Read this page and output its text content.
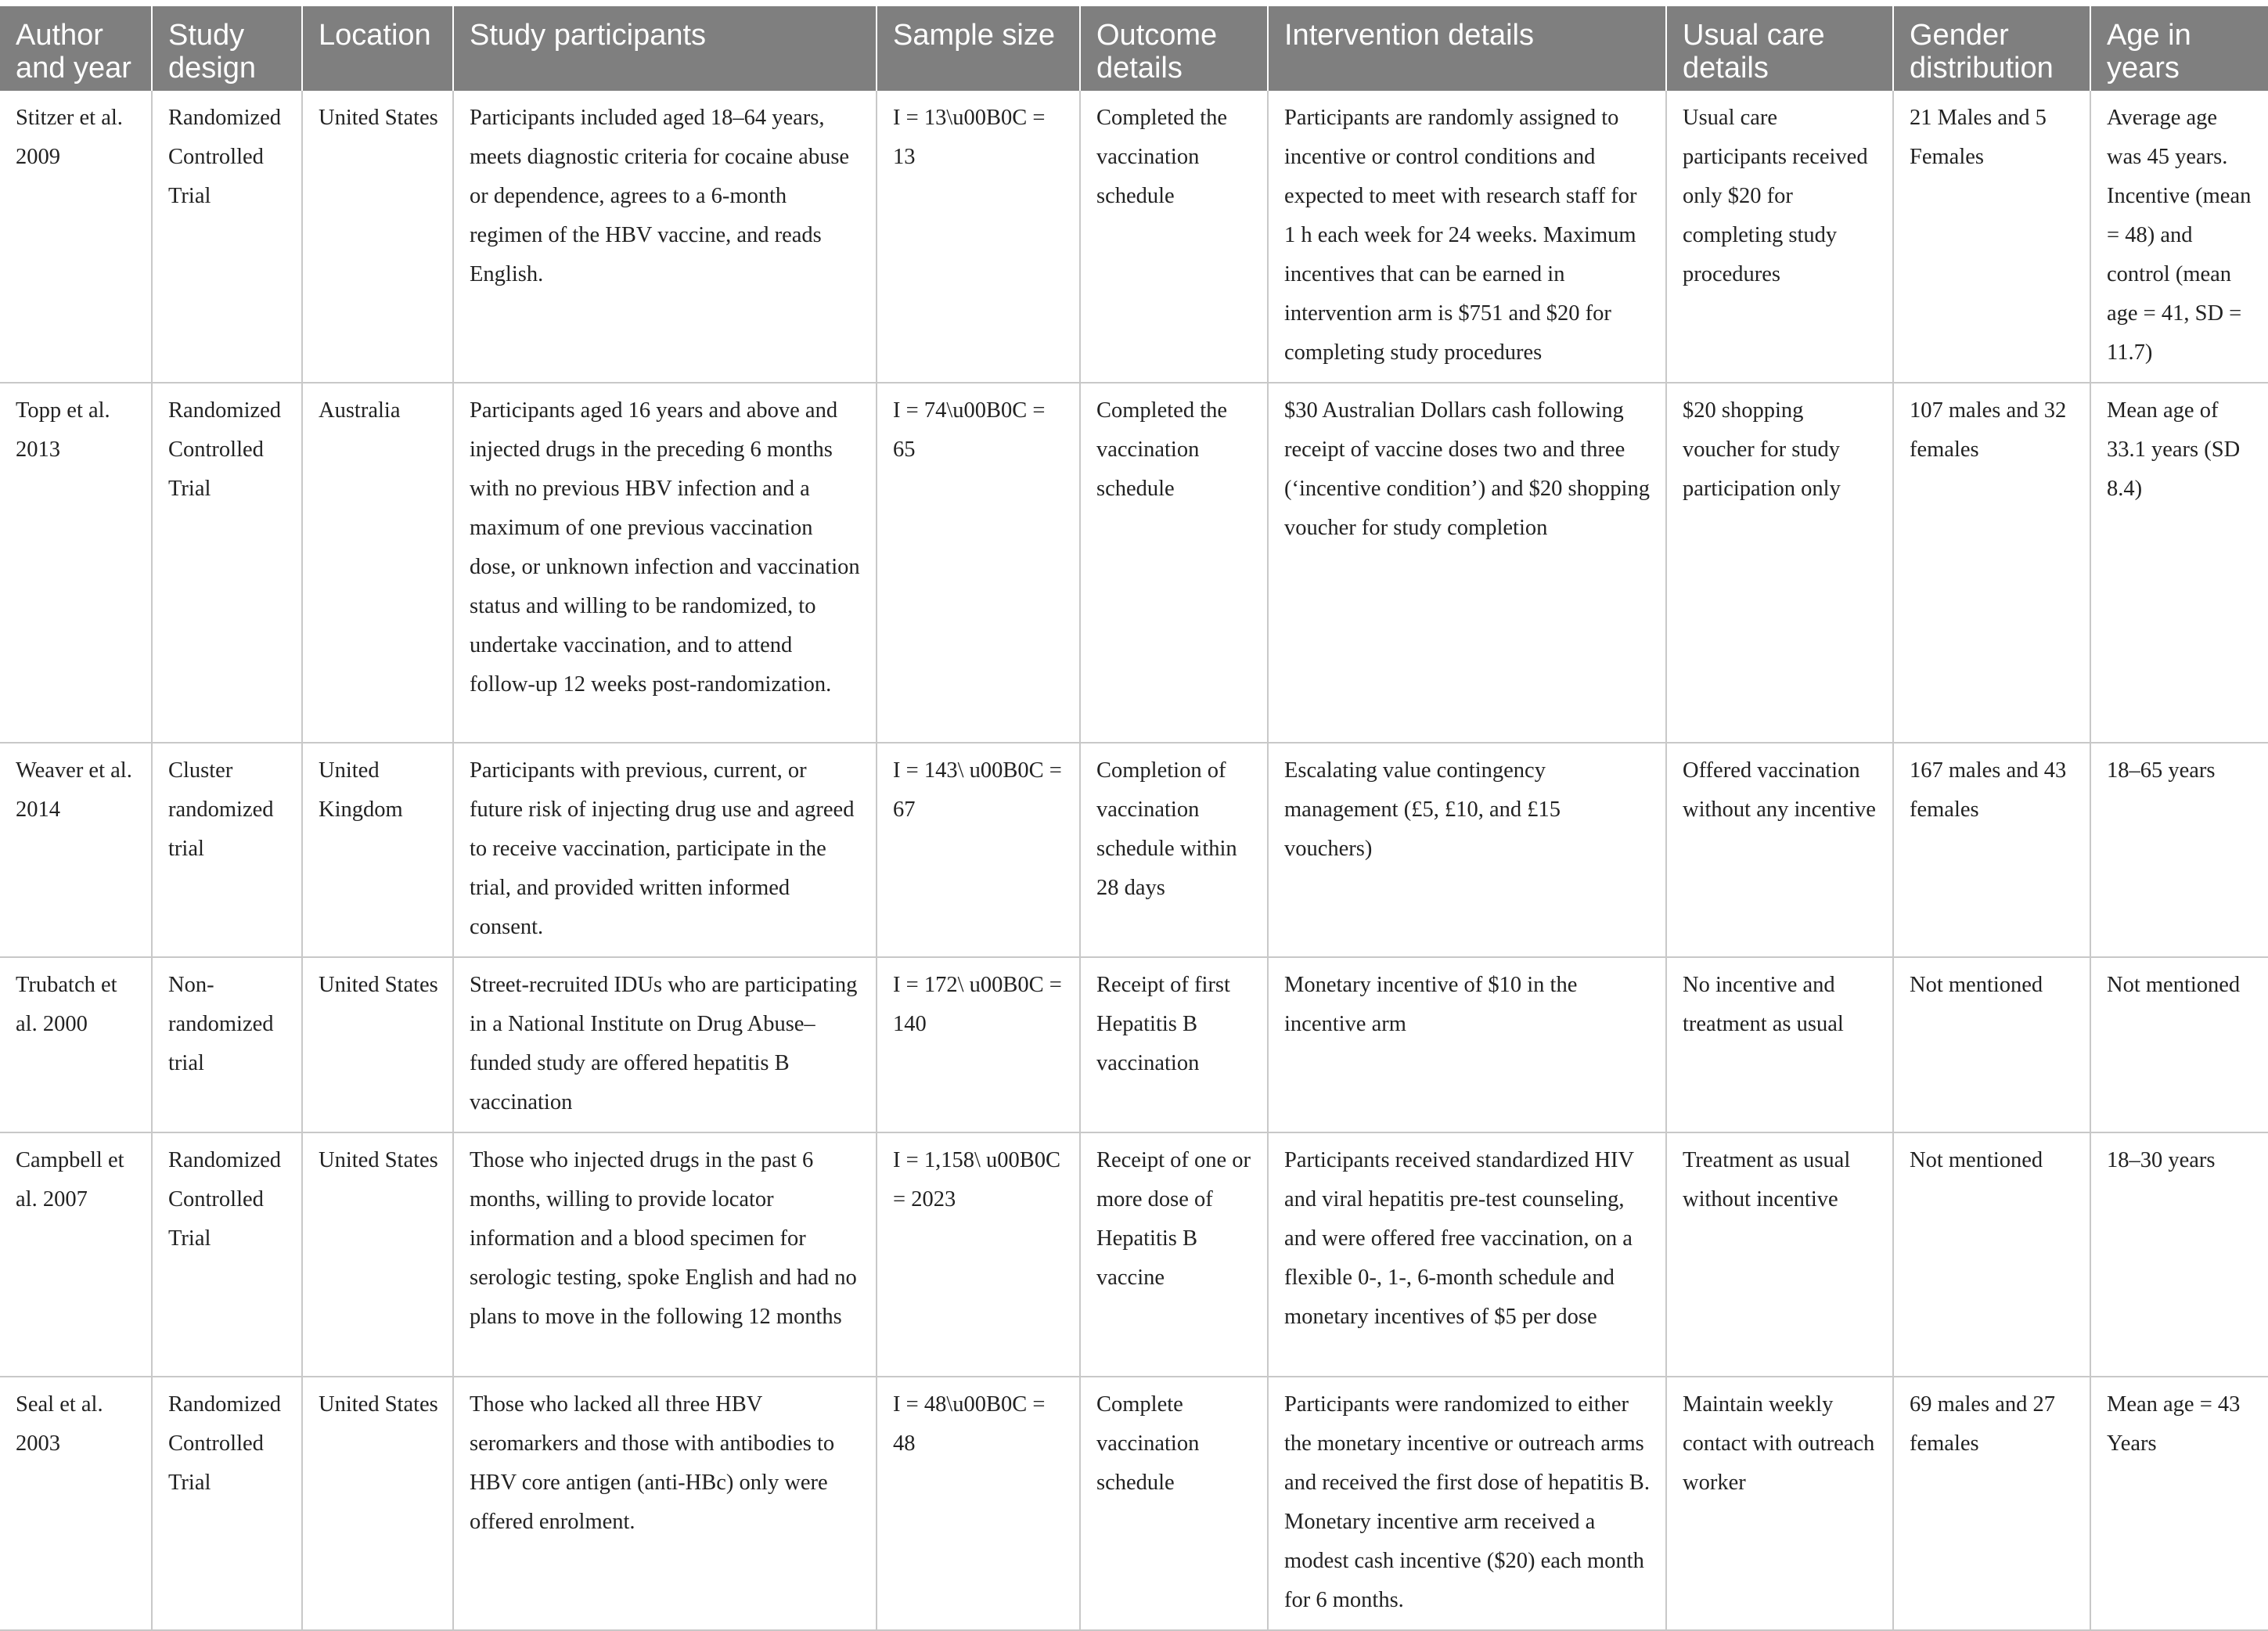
Author and year	Study design	Location	Study participants	Sample size	Outcome details	Intervention details	Usual care details	Gender distribution	Age in years
Stitzer et al. 2009	Randomized Controlled Trial	United States	Participants included aged 18–64 years, meets diagnostic criteria for cocaine abuse or dependence, agrees to a 6-month regimen of the HBV vaccine, and reads English.	I = 13\u00B0C = 13	Completed the vaccination schedule	Participants are randomly assigned to incentive or control conditions and expected to meet with research staff for 1 h each week for 24 weeks. Maximum incentives that can be earned in intervention arm is $751 and $20 for completing study procedures	Usual care participants received only $20 for completing study procedures	21 Males and 5 Females	Average age was 45 years. Incentive (mean = 48) and control (mean age = 41, SD = 11.7)
Topp et al. 2013	Randomized Controlled Trial	Australia	Participants aged 16 years and above and injected drugs in the preceding 6 months with no previous HBV infection and a maximum of one previous vaccination dose, or unknown infection and vaccination status and willing to be randomized, to undertake vaccination, and to attend follow-up 12 weeks post-randomization.	I = 74\u00B0C = 65	Completed the vaccination schedule	$30 Australian Dollars cash following receipt of vaccine doses two and three (‘incentive condition’) and $20 shopping voucher for study completion	$20 shopping voucher for study participation only	107 males and 32 females	Mean age of 33.1 years (SD 8.4)
Weaver et al. 2014	Cluster randomized trial	United Kingdom	Participants with previous, current, or future risk of injecting drug use and agreed to receive vaccination, participate in the trial, and provided written informed consent.	I = 143\ u00B0C = 67	Completion of vaccination schedule within 28 days	Escalating value contingency management (£5, £10, and £15 vouchers)	Offered vaccination without any incentive	167 males and 43 females	18–65 years
Trubatch et al. 2000	Non-randomized trial	United States	Street-recruited IDUs who are participating in a National Institute on Drug Abuse–funded study are offered hepatitis B vaccination	I = 172\ u00B0C = 140	Receipt of first Hepatitis B vaccination	Monetary incentive of $10 in the incentive arm	No incentive and treatment as usual	Not mentioned	Not mentioned
Campbell et al. 2007	Randomized Controlled Trial	United States	Those who injected drugs in the past 6 months, willing to provide locator information and a blood specimen for serologic testing, spoke English and had no plans to move in the following 12 months	I = 1,158\ u00B0C = 2023	Receipt of one or more dose of Hepatitis B vaccine	Participants received standardized HIV and viral hepatitis pre-test counseling, and were offered free vaccination, on a flexible 0-, 1-, 6-month schedule and monetary incentives of $5 per dose	Treatment as usual without incentive	Not mentioned	18–30 years
Seal et al. 2003	Randomized Controlled Trial	United States	Those who lacked all three HBV seromarkers and those with antibodies to HBV core antigen (anti-HBc) only were offered enrolment.	I = 48\u00B0C = 48	Complete vaccination schedule	Participants were randomized to either the monetary incentive or outreach arms and received the first dose of hepatitis B. Monetary incentive arm received a modest cash incentive ($20) each month for 6 months.	Maintain weekly contact with outreach worker	69 males and 27 females	Mean age = 43 Years
